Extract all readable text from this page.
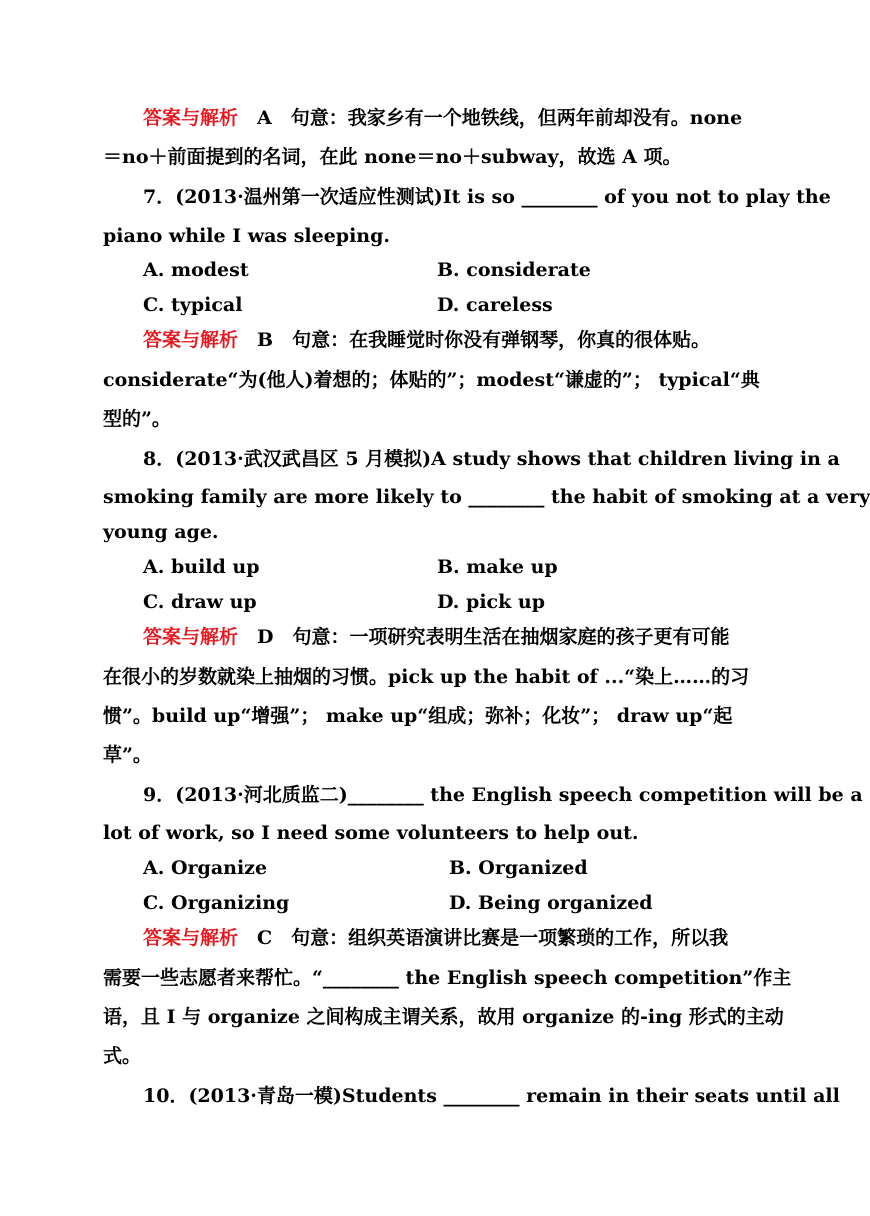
答案与解析　 A　句意：我家乡有一个地铁线，但两年前却没有。none
＝no＋前面提到的名词，在此 none＝no＋subway，故选 A 项。
7．(2013·温州第一次适应性测试)It is so ________ of you not to play the
piano while I was sleeping.
A. modest	B. considerate
C. typical	D. careless
答案与解析　 B　句意：在我睡觉时你没有弹钢琴，你真的很体贴。
considerate“为(他人)着想的；体贴的”；modest“谦虚的”； typical“典
型的”。
8．(2013·武汉武昌区 5 月模拟)A study shows that children living in a
smoking family are more likely to ________ the habit of smoking at a very
young age.
A. build up	B. make up
C. draw up	D. pick up
答案与解析　 D　句意：一项研究表明生活在抽烟家庭的孩子更有可能
在很小的岁数就染上抽烟的习惯。pick up the habit of ...“染上……的习
惯”。build up“增强”； make up“组成；弥补；化妆”； draw up“起
草”。
9．(2013·河北质监二)________ the English speech competition will be a
lot of work, so I need some volunteers to help out.
A. Organize	B. Organized
C. Organizing	D. Being organized
答案与解析　 C　句意：组织英语演讲比赛是一项繁琐的工作，所以我
需要一些志愿者来帮忙。“________ the English speech competition”作主
语，且 I 与 organize 之间构成主谓关系，故用 organize 的-ing 形式的主动
式。
10．(2013·青岛一模)Students ________ remain in their seats until all
